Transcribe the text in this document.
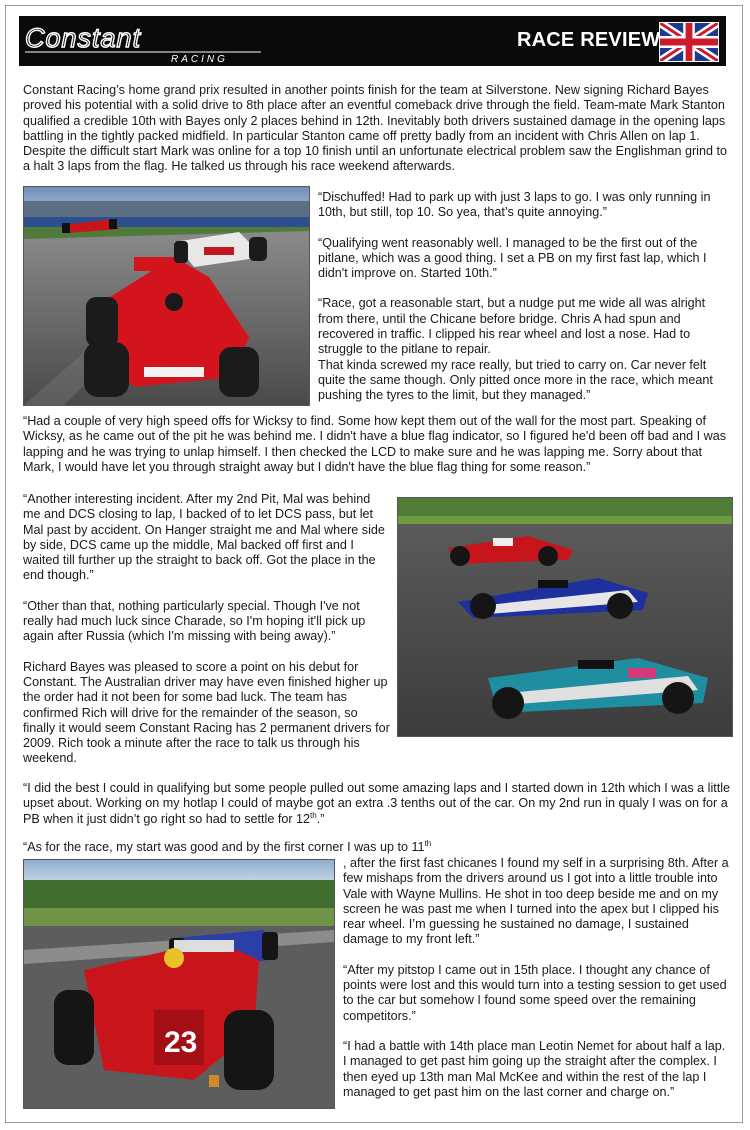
Constant
RACING
RACE REVIEW

Constant Racing’s home grand prix resulted in another points finish for the team at Silverstone. New signing Richard Bayes proved his potential with a solid drive to 8th place after an eventful comeback drive through the field. Team-mate Mark Stanton qualified a credible 10th with Bayes only 2 places behind in 12th. Inevitably both drivers sustained damage in the opening laps battling in the tightly packed midfield. In particular Stanton came off pretty badly from an incident with Chris Allen on lap 1. Despite the difficult start Mark was online for a top 10 finish until an unfortunate electrical problem saw the Englishman grind to a halt 3 laps from the flag. He talked us through his race weekend afterwards.

“Dischuffed! Had to park up with just 3 laps to go. I was only running in 10th, but still, top 10. So yea, that’s quite annoying.”

“Qualifying went reasonably well. I managed to be the first out of the pitlane, which was a good thing. I set a PB on my first fast lap, which I didn't improve on. Started 10th.”

“Race, got a reasonable start, but a nudge put me wide all was alright from there, until the Chicane before bridge. Chris A had spun and recovered in traffic. I clipped his rear wheel and lost a nose. Had to struggle to the pitlane to repair.

That kinda screwed my race really, but tried to carry on. Car never felt quite the same though. Only pitted once more in the race, which meant pushing the tyres to the limit, but they managed.”

“Had a couple of very high speed offs for Wicksy to find. Some how kept them out of the wall for the most part. Speaking of Wicksy, as he came out of the pit he was behind me. I didn't have a blue flag indicator, so I figured he'd been off bad and I was lapping and he was trying to unlap himself. I then checked the LCD to make sure and he was lapping me. Sorry about that Mark, I would have let you through straight away but I didn't have the blue flag thing for some reason.”

“Another interesting incident. After my 2nd Pit, Mal was behind me and DCS closing to lap, I backed of to let DCS pass, but let Mal past by accident. On Hanger straight me and Mal where side by side, DCS came up the middle, Mal backed off first and I waited till further up the straight to back off. Got the place in the end though.”

“Other than that, nothing particularly special. Though I've not really had much luck since Charade, so I'm hoping it'll pick up again after Russia (which I'm missing with being away).”

Richard Bayes was pleased to score a point on his debut for Constant. The Australian driver may have even finished higher up the order had it not been for some bad luck. The team has confirmed Rich will drive for the remainder of the season, so finally it would seem Constant Racing has 2 permanent drivers for 2009. Rich took a minute after the race to talk us through his weekend.

“I did the best I could in qualifying but some people pulled out some amazing laps and I started down in 12th which I was a little upset about. Working on my hotlap I could of maybe got an extra .3 tenths out of the car. On my 2nd run in qualy I was on for a PB when it just didn’t go right so had to settle for 12th.”

“As for the race, my start was good and by the first corner I was up to 11th

23

, after the first fast chicanes I found my self in a surprising 8th. After a few mishaps from the drivers around us I got into a little trouble into Vale with Wayne Mullins. He shot in too deep beside me and on my screen he was past me when I turned into the apex but I clipped his rear wheel. I’m guessing he sustained no damage, I sustained damage to my front left.”

“After my pitstop I came out in 15th place. I thought any chance of points were lost and this would turn into a testing session to get used to the car but somehow I found some speed over the remaining competitors.”

“I had a battle with 14th place man Leotin Nemet for about half a lap. I managed to get past him going up the straight after the complex. I then eyed up 13th man Mal McKee and within the rest of the lap I managed to get past him on the last corner and charge on.”
